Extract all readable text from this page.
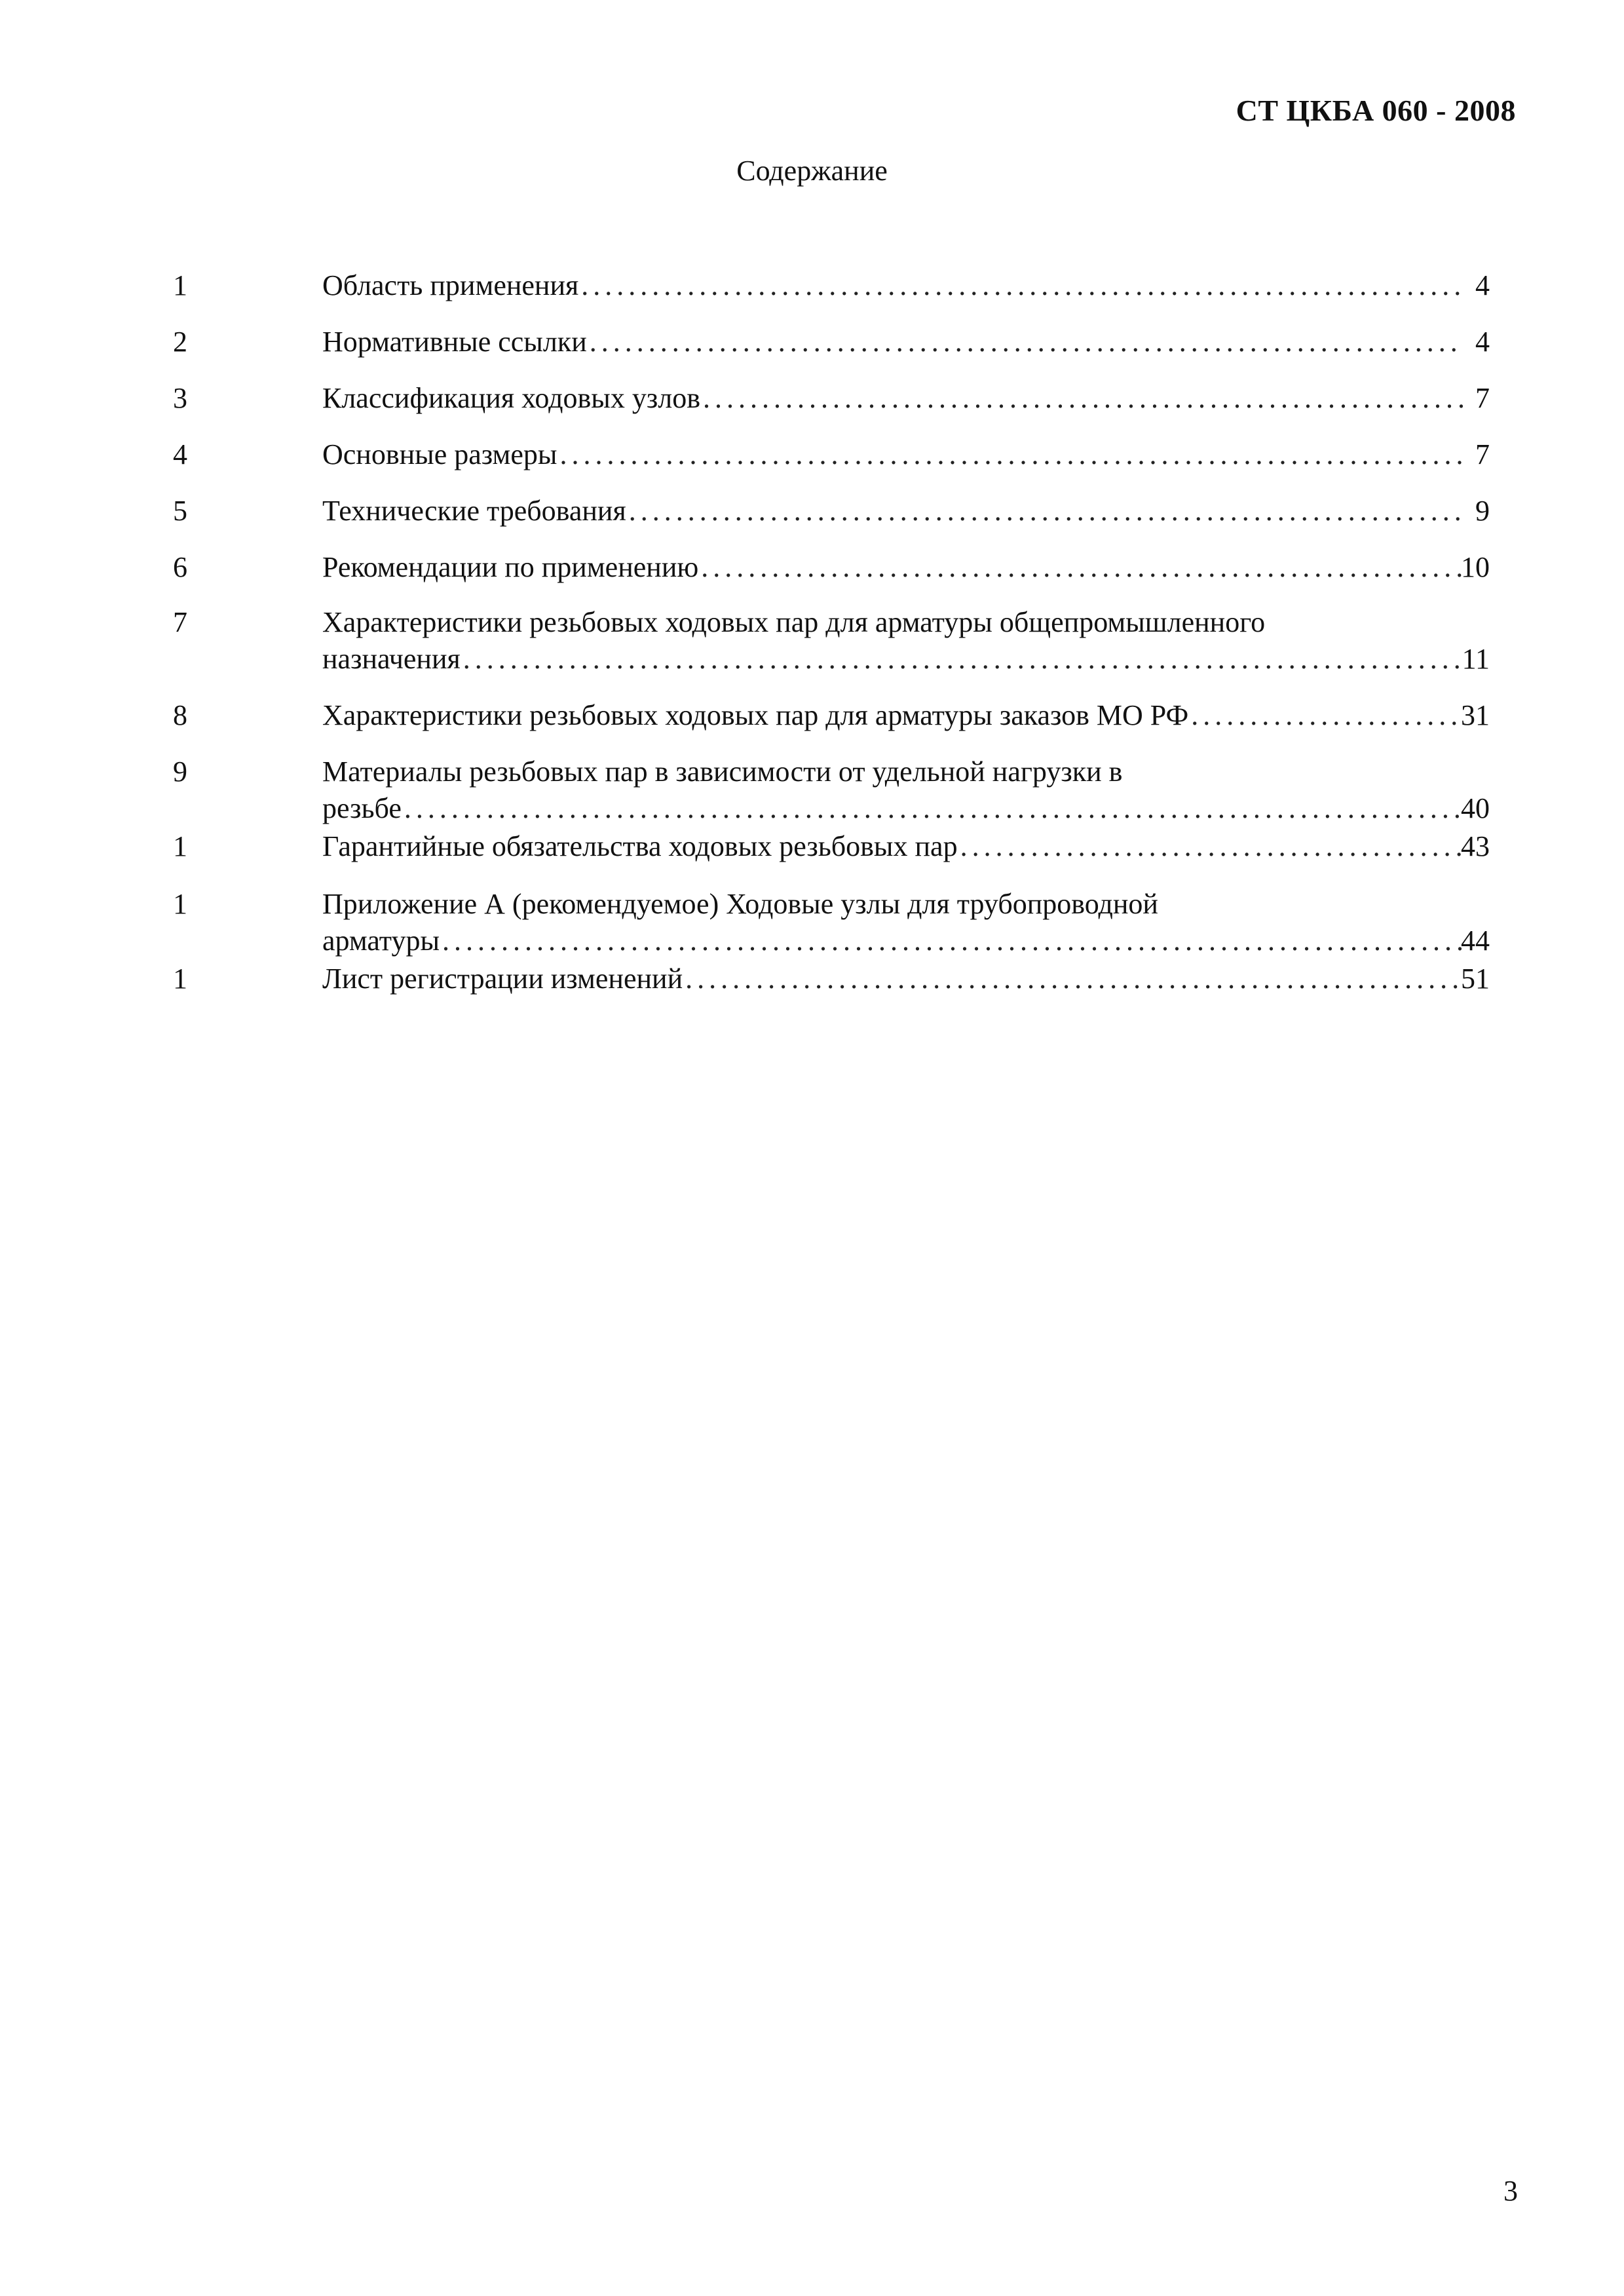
СТ ЦКБА 060 - 2008
Содержание
1	Область применения . . .	4
2	Нормативные ссылки . . .	4
3	Классификация ходовых узлов . . .	7
4	Основные размеры . . .	7
5	Технические требования . . .	9
6	Рекомендации по применению . . .	10
7	Характеристики резьбовых ходовых пар для арматуры общепромышленного
назначения . . .	11
8	Характеристики резьбовых ходовых пар для арматуры заказов МО РФ . . .	31
9	Материалы резьбовых пар в зависимости от удельной нагрузки в
резьбе . . .	40
1	Гарантийные обязательства ходовых резьбовых пар . . .	43
1	Приложение А (рекомендуемое) Ходовые узлы для трубопроводной
арматуры . . .	44
1	Лист регистрации изменений . . .	51
3
